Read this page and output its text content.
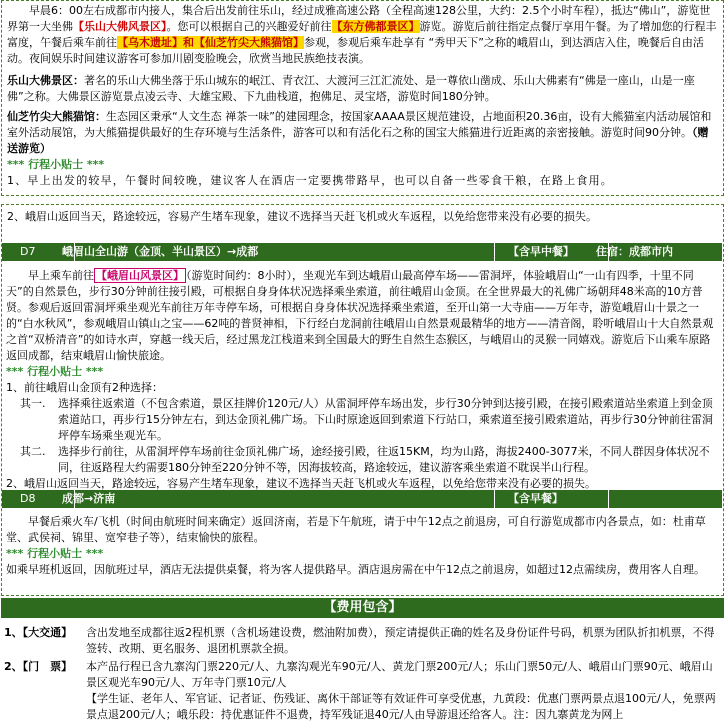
早晨6：00左右成都市内接人，集合后出发前往乐山，经过成雅高速公路（全程高速128公里，大约：2.5个小时车程），抵达“佛山”，游览世界第一大坐佛【乐山大佛风景区】。您可以根据自己的兴趣爱好前往【东方佛都景区】游览。游览后前往指定点餐厅享用午餐。为了增加您的行程丰富度，午餐后乘车前往【乌木遗址】和【仙芝竹尖大熊猫馆】参观，参观后乘车赴享有 “秀甲天下”之称的峨眉山，到达酒店入住，晚餐后自由活动。夜间娱乐时间建议游客可参加川剧变脸晚会，欣赏当地民族绝技表演。

乐山大佛景区：著名的乐山大佛坐落于乐山城东的岷江、青衣江、大渡河三江汇流处、是一尊依山凿成、乐山大佛素有“佛是一座山，山是一座佛”之称。大佛景区游览景点凌云寺、大雄宝殿、下九曲栈道，抱佛足、灵宝塔，游览时间180分钟。

仙芝竹尖大熊猫馆：生态园区秉承“人文生态 禅茶一味”的建园理念，按国家AAAA景区规范建设，占地面积20.36亩，设有大熊猫室内活动展馆和室外活动展馆，为大熊猫提供最好的生存环境与生活条件，游客可以和有活化石之称的国宝大熊猫进行近距离的亲密接触。游览时间90分钟。（赠送游览）

*** 行程小贴士 ***

1、早上出发的较早，午餐时间较晚，建议客人在酒店一定要携带路早，也可以自备一些零食干粮，在路上食用。

2、峨眉山返回当天，路途较远，容易产生堵车现象，建议不选择当天赶飞机或火车返程，以免给您带来没有必要的损失。

D7	峨眉山全山游（金顶、半山景区）→成都	【含早中餐】	住宿：成都市内

早上乘车前往 【峨眉山风景区】 （游览时间约：8小时），坐观光车到达峨眉山最高停车场——雷洞坪，体验峨眉山“一山有四季，十里不同天”的自然景色，步行30分钟前往接引殿，可根据自身身体状况选择乘坐索道，前往峨眉山金顶。在全世界最大的礼佛广场朝拜48米高的10方普贤。参观后返回雷洞坪乘坐观光车前往万年寺停车场，可根据自身身体状况选择乘坐索道，至开山第一大寺庙——万年寺，游览峨眉山十景之一的“白水秋风”，参观峨眉山镇山之宝——62吨的普贤神相，下行经白龙洞前往峨眉山自然景观最精华的地方——清音阁，聆听峨眉山十大自然景观之首“双桥清音”的如诗水声，穿越一线天后，经过黑龙江栈道来到全国最大的野生自然生态猴区，与峨眉山的灵猴一同嬉戏。游览后下山乘车原路返回成都，结束峨眉山愉快旅途。

*** 行程小贴士 ***

1、前往峨眉山金顶有2种选择：

其一.	选择乘往返索道（不包含索道，景区挂牌价120元/人）从雷洞坪停车场出发，步行30分钟到达接引殿，在接引殿索道站坐索道上到金顶索道站口，再步行15分钟左右，到达金顶礼佛广场。下山时原途返回到索道下行站口，乘索道至接引殿索道站，再步行30分钟前往雷洞坪停车场乘坐观光车。
其二.	选择步行前往，从雷洞坪停车场前往金顶礼佛广场，途经接引殿，往返15KM，均为山路，海拔2400-3077米，不同人群因身体状况不同，往返路程大约需要180分钟至220分钟不等，因海拔较高，路途较远，建议游客乘坐索道不耽误半山行程。

2、峨眉山返回当天，路途较远，容易产生堵车现象，建议不选择当天赶飞机或火车返程，以免给您带来没有必要的损失。

D8	成都→济南	【含早餐】

早餐后乘火车/飞机（时间由航班时间来确定）返回济南，若是下午航班，请于中午12点之前退房，可自行游览成都市内各景点，如：杜甫草堂、武侯祠、锦里、宽窄巷子等），结束愉快的旅程。

*** 行程小贴士 ***

如乘早班机返回，因航班过早，酒店无法提供桌餐，将为客人提供路早。酒店退房需在中午12点之前退房，如超过12点需续房，费用客人自理。

【费用包含】
1、【大交通】	含出发地至成都往返2程机票（含机场建设费，燃油附加费），预定请提供正确的姓名及身份证件号码，机票为团队折扣机票，不得签转、改期、更名服务、退团机票款全损。
2、【门　票】	本产品行程已含九寨沟门票220元/人、九寨沟观光车90元/人、黄龙门票200元/人；乐山门票50元/人、峨眉山门票90元、峨眉山景区观光车90元/人、万年寺门票10元/人
【学生证、老年人、军官证、记者证、伤残证、离休干部证等有效证件可享受优惠，九黄段：优惠门票两景点退100元/人，免票两景点退200元/人；峨乐段：持优惠证件不退费，持军残证退40元/人由导游退还给客人。注：因九寨黄龙为网上
